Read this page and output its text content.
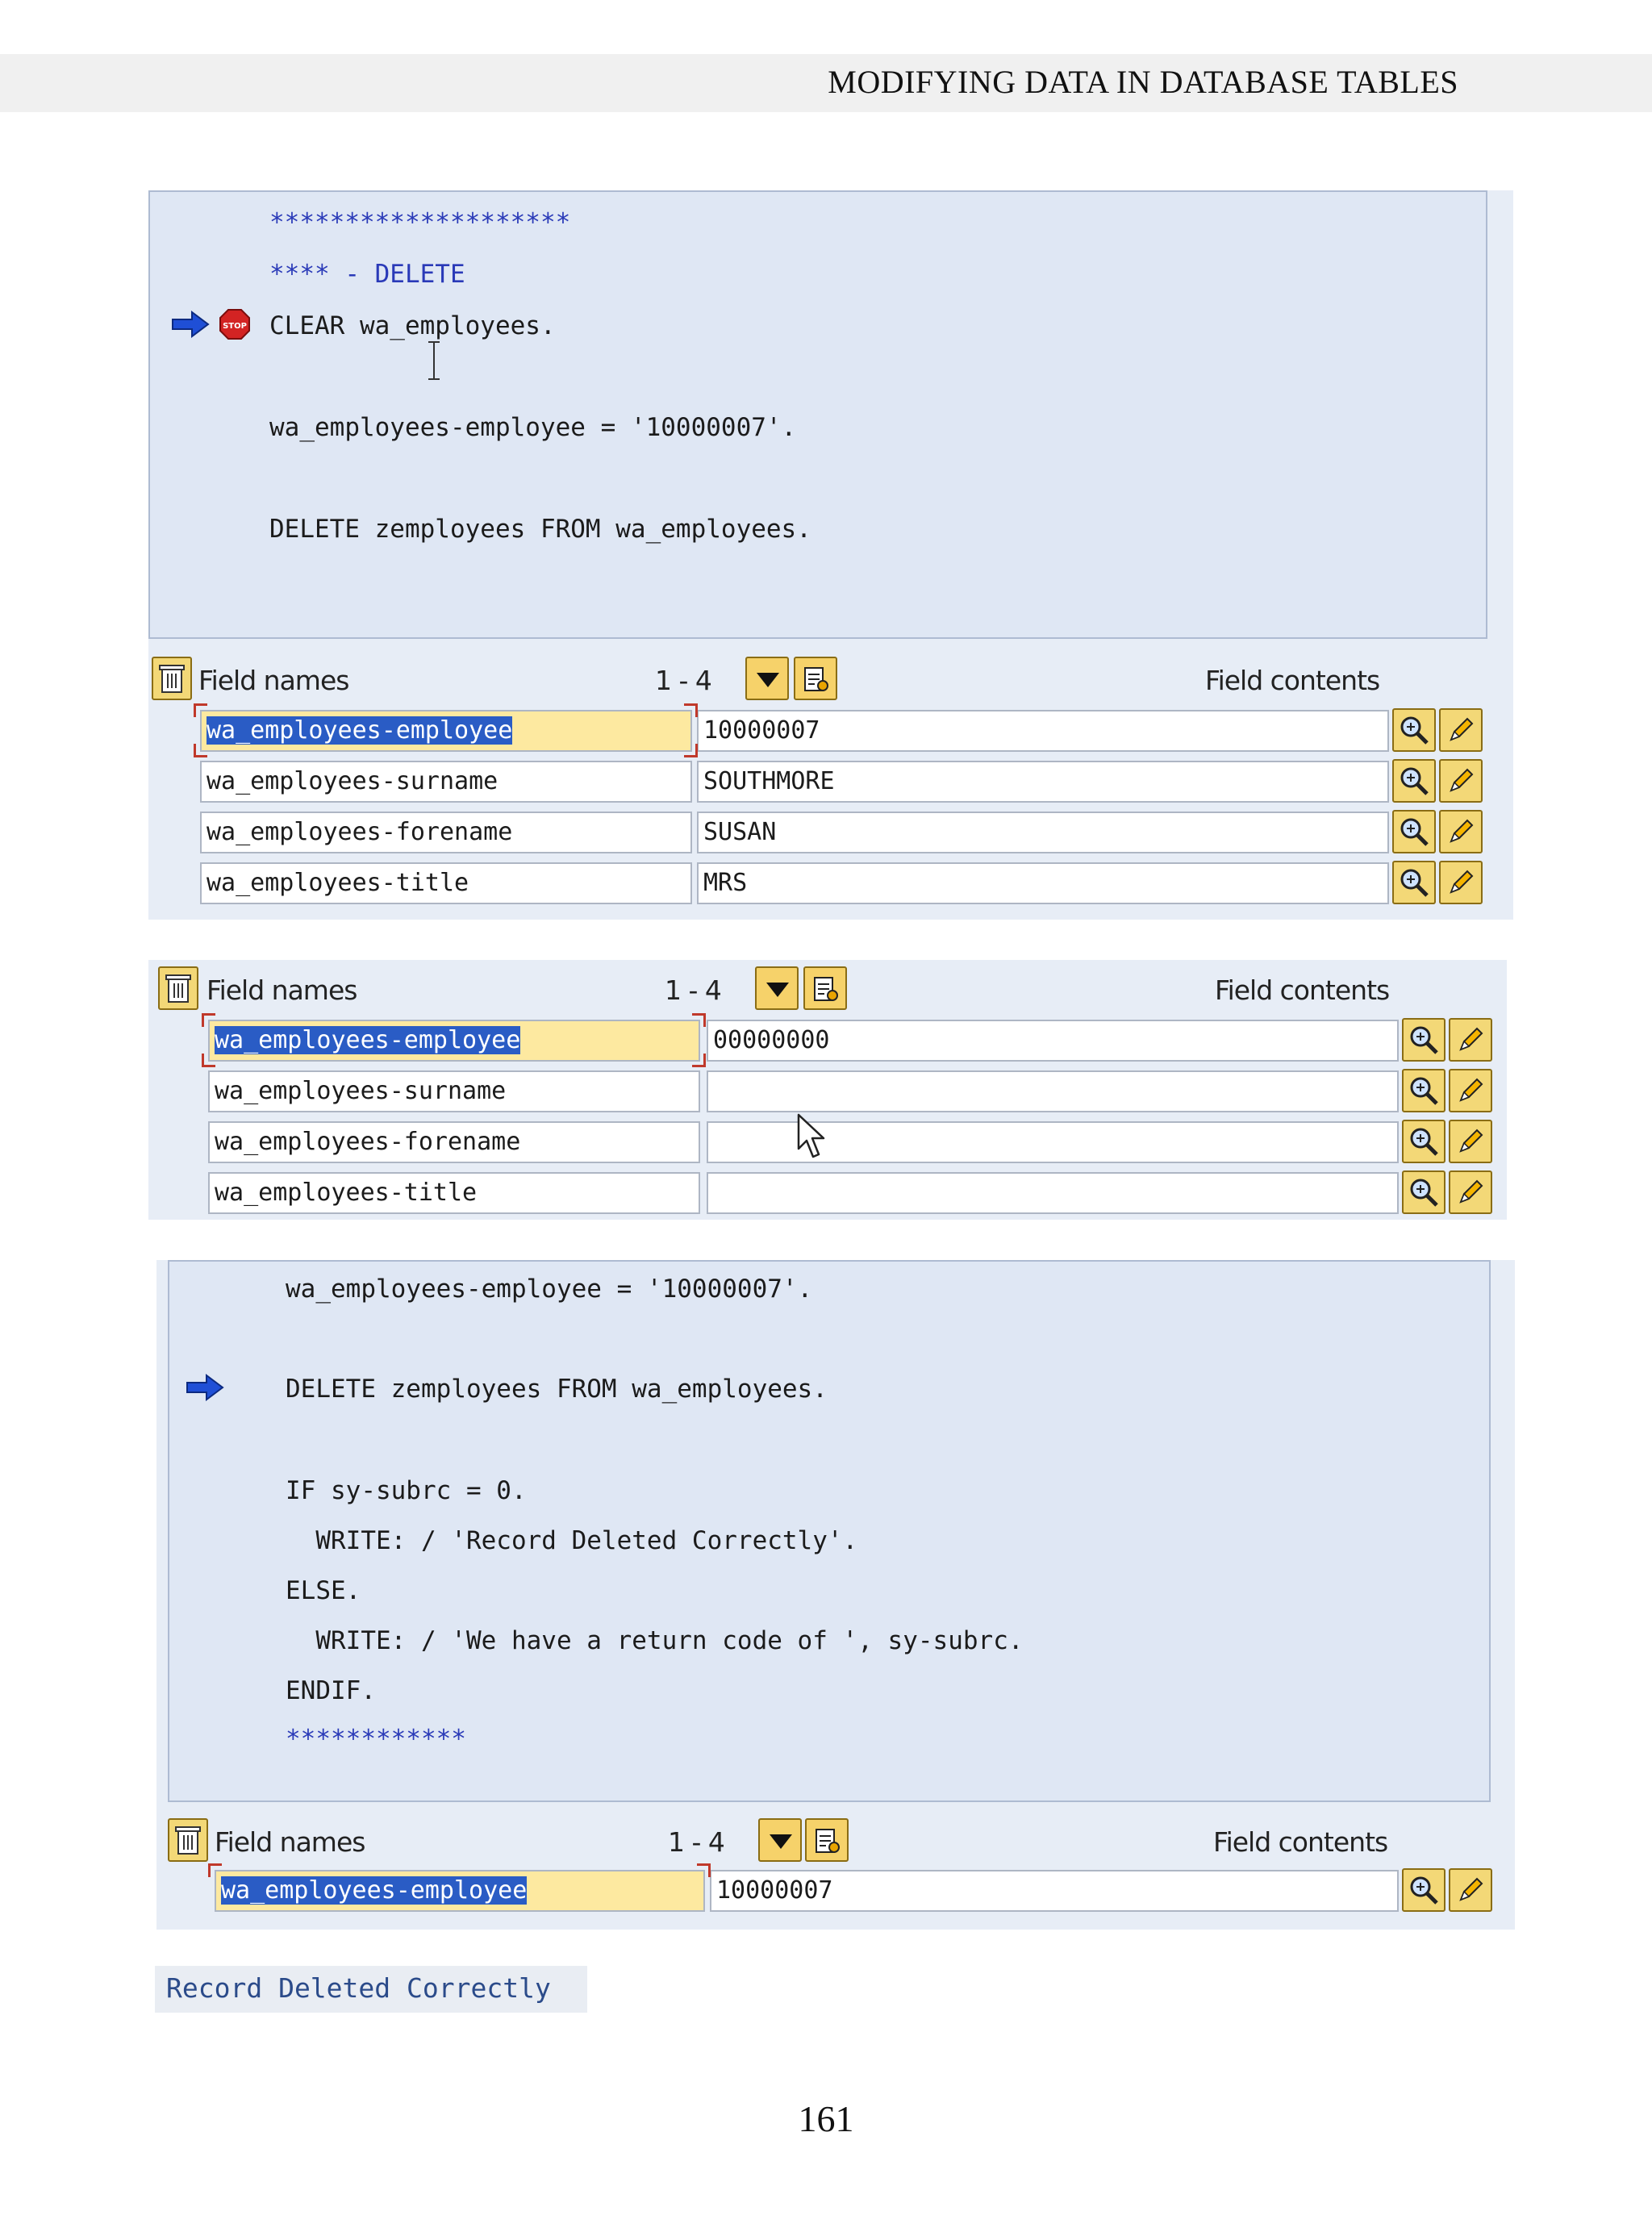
MODIFYING DATA IN DATABASE TABLES
********************
**** - DELETE
STOP CLEAR wa_employees.
wa_employees-employee = '10000007'.
DELETE zemployees FROM wa_employees.
Field names	1 - 4	Field contents
wa_employees-employee	10000007
wa_employees-surname	SOUTHMORE
wa_employees-forename	SUSAN
wa_employees-title	MRS
Field names	1 - 4	Field contents
wa_employees-employee	00000000
wa_employees-surname
wa_employees-forename
wa_employees-title
wa_employees-employee = '10000007'.
DELETE zemployees FROM wa_employees.
IF sy-subrc = 0.
WRITE: / 'Record Deleted Correctly'.
ELSE.
WRITE: / 'We have a return code of ', sy-subrc.
ENDIF.
************
Field names	1 - 4	Field contents
wa_employees-employee	10000007
Record Deleted Correctly
161
